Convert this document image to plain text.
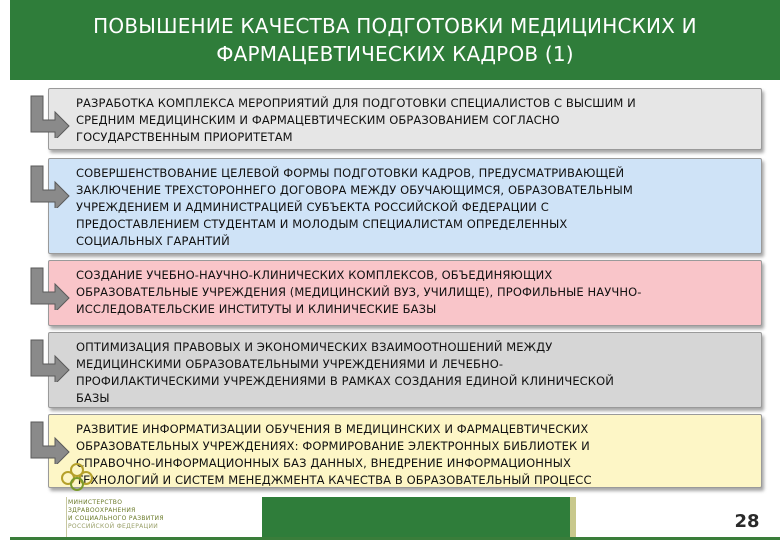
ПОВЫШЕНИЕ КАЧЕСТВА ПОДГОТОВКИ МЕДИЦИНСКИХ И
ФАРМАЦЕВТИЧЕСКИХ КАДРОВ (1)
РАЗРАБОТКА КОМПЛЕКСА МЕРОПРИЯТИЙ ДЛЯ ПОДГОТОВКИ СПЕЦИАЛИСТОВ С ВЫСШИМ И
СРЕДНИМ МЕДИЦИНСКИМ И ФАРМАЦЕВТИЧЕСКИМ ОБРАЗОВАНИЕМ СОГЛАСНО
ГОСУДАРСТВЕННЫМ ПРИОРИТЕТАМ
СОВЕРШЕНСТВОВАНИЕ ЦЕЛЕВОЙ ФОРМЫ ПОДГОТОВКИ КАДРОВ, ПРЕДУСМАТРИВАЮЩЕЙ
ЗАКЛЮЧЕНИЕ ТРЕХСТОРОННЕГО ДОГОВОРА МЕЖДУ ОБУЧАЮЩИМСЯ, ОБРАЗОВАТЕЛЬНЫМ
УЧРЕЖДЕНИЕМ И АДМИНИСТРАЦИЕЙ СУБЪЕКТА РОССИЙСКОЙ ФЕДЕРАЦИИ С
ПРЕДОСТАВЛЕНИЕМ СТУДЕНТАМ И МОЛОДЫМ СПЕЦИАЛИСТАМ ОПРЕДЕЛЕННЫХ
СОЦИАЛЬНЫХ ГАРАНТИЙ
СОЗДАНИЕ УЧЕБНО-НАУЧНО-КЛИНИЧЕСКИХ КОМПЛЕКСОВ, ОБЪЕДИНЯЮЩИХ
ОБРАЗОВАТЕЛЬНЫЕ УЧРЕЖДЕНИЯ (МЕДИЦИНСКИЙ ВУЗ, УЧИЛИЩЕ), ПРОФИЛЬНЫЕ НАУЧНО-
ИССЛЕДОВАТЕЛЬСКИЕ ИНСТИТУТЫ И КЛИНИЧЕСКИЕ БАЗЫ
ОПТИМИЗАЦИЯ ПРАВОВЫХ И ЭКОНОМИЧЕСКИХ ВЗАИМООТНОШЕНИЙ МЕЖДУ
МЕДИЦИНСКИМИ ОБРАЗОВАТЕЛЬНЫМИ УЧРЕЖДЕНИЯМИ И ЛЕЧЕБНО-
ПРОФИЛАКТИЧЕСКИМИ УЧРЕЖДЕНИЯМИ В РАМКАХ СОЗДАНИЯ ЕДИНОЙ КЛИНИЧЕСКОЙ
БАЗЫ
РАЗВИТИЕ ИНФОРМАТИЗАЦИИ ОБУЧЕНИЯ В МЕДИЦИНСКИХ И ФАРМАЦЕВТИЧЕСКИХ
ОБРАЗОВАТЕЛЬНЫХ УЧРЕЖДЕНИЯХ: ФОРМИРОВАНИЕ ЭЛЕКТРОННЫХ БИБЛИОТЕК И
СПРАВОЧНО-ИНФОРМАЦИОННЫХ БАЗ ДАННЫХ, ВНЕДРЕНИЕ ИНФОРМАЦИОННЫХ
ТЕХНОЛОГИЙ И СИСТЕМ МЕНЕДЖМЕНТА КАЧЕСТВА В ОБРАЗОВАТЕЛЬНЫЙ ПРОЦЕСС
МИНИСТЕРСТВО
ЗДРАВООХРАНЕНИЯ
И СОЦИАЛЬНОГО РАЗВИТИЯ
РОССИЙСКОЙ ФЕДЕРАЦИИ	28
